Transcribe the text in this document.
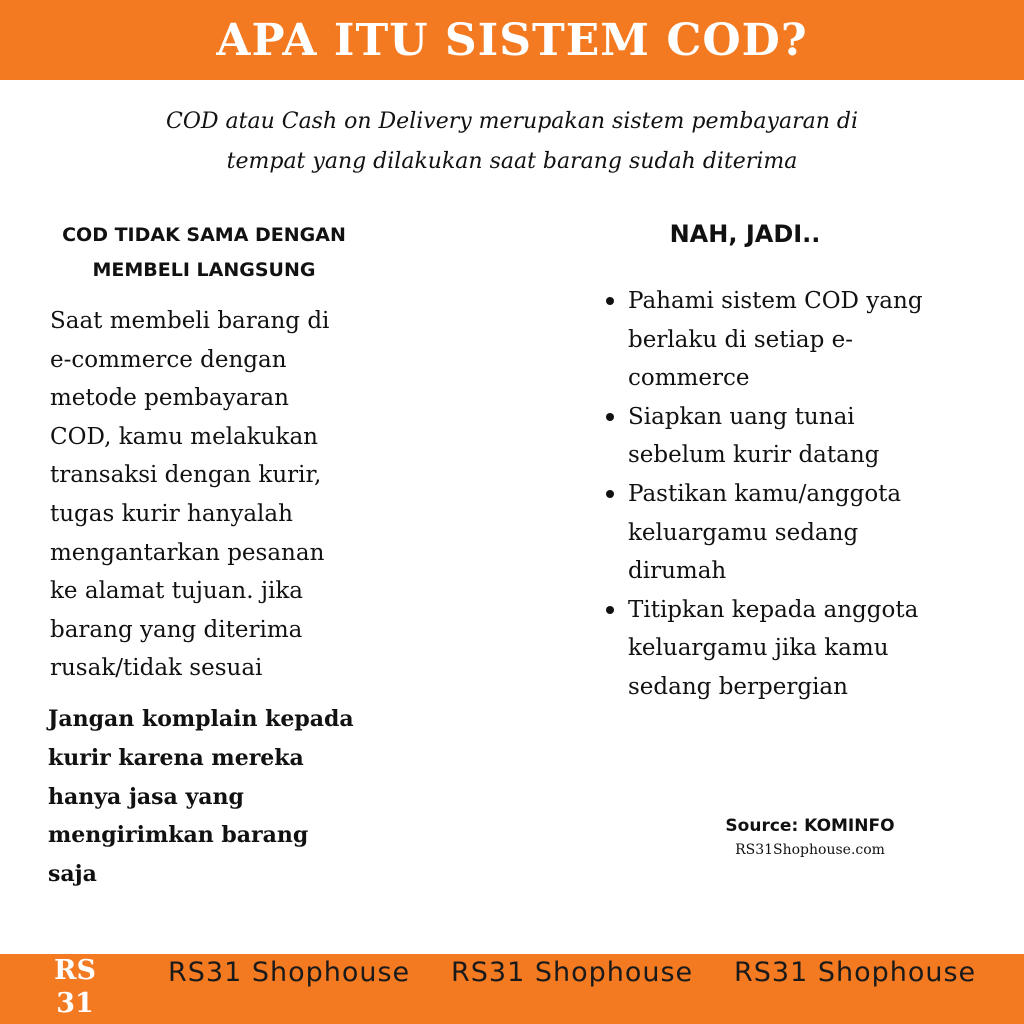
APA ITU SISTEM COD?

COD atau Cash on Delivery merupakan sistem pembayaran di
tempat yang dilakukan saat barang sudah diterima

COD TIDAK SAMA DENGAN
MEMBELI LANGSUNG

Saat membeli barang di
e-commerce dengan
metode pembayaran
COD, kamu melakukan
transaksi dengan kurir,
tugas kurir hanyalah
mengantarkan pesanan
ke alamat tujuan. jika
barang yang diterima
rusak/tidak sesuai

Jangan komplain kepada
kurir karena mereka
hanya jasa yang
mengirimkan barang
saja

NAH, JADI..
Pahami sistem COD yang
berlaku di setiap e-
commerce
Siapkan uang tunai
sebelum kurir datang
Pastikan kamu/anggota
keluargamu sedang
dirumah
Titipkan kepada anggota
keluargamu jika kamu
sedang berpergian

Source: KOMINFO

RS31Shophouse.com

RS
31
RS31 Shophouse RS31 Shophouse RS31 Shophouse
